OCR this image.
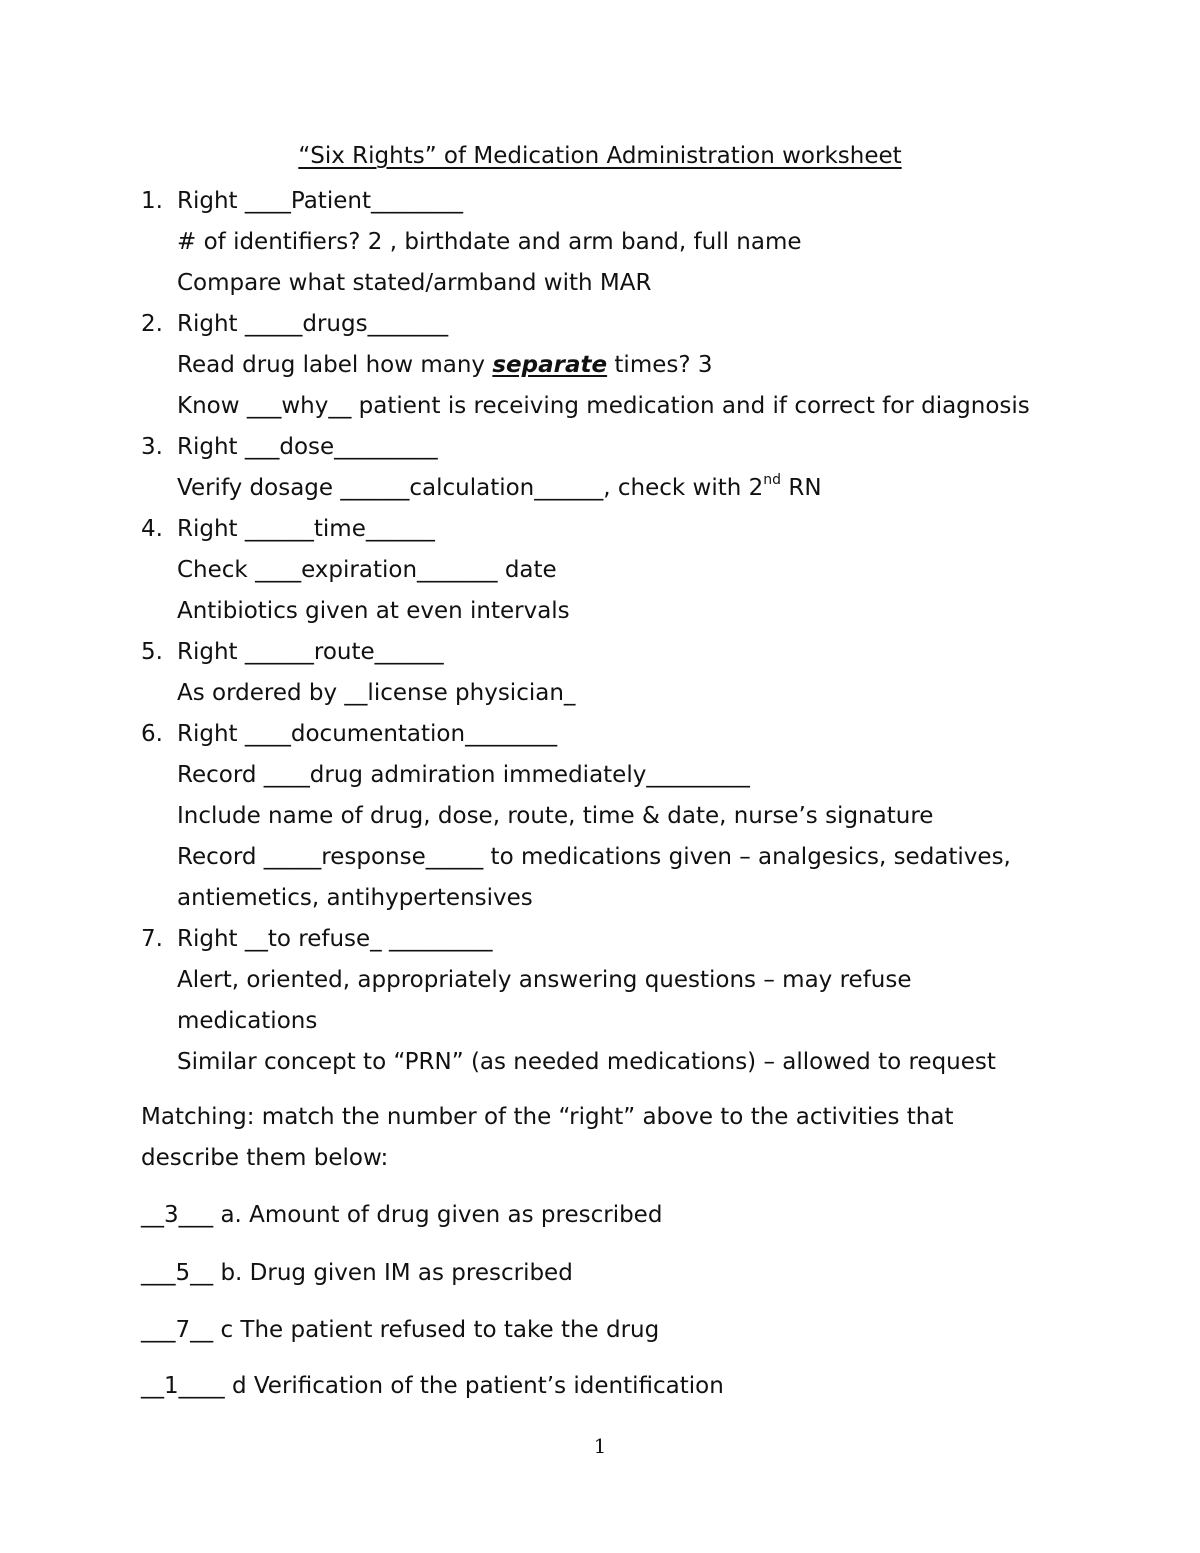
“Six Rights” of Medication Administration worksheet
1. Right ____Patient________
# of identifiers? 2 , birthdate and arm band, full name
Compare what stated/armband with MAR
2. Right _____drugs_______
Read drug label how many separate times? 3
Know ___why__ patient is receiving medication and if correct for diagnosis
3. Right ___dose_________
Verify dosage ______calculation______, check with 2nd RN
4. Right ______time______
Check ____expiration_______ date
Antibiotics given at even intervals
5. Right ______route______
As ordered by __license physician_
6. Right ____documentation________
Record ____drug admiration immediately_________
Include name of drug, dose, route, time & date, nurse’s signature
Record _____response_____ to medications given – analgesics, sedatives,
antiemetics, antihypertensives
7. Right __to refuse_ _________
Alert, oriented, appropriately answering questions – may refuse
medications
Similar concept to “PRN” (as needed medications) – allowed to request
Matching: match the number of the “right” above to the activities that
describe them below:
__3___ a. Amount of drug given as prescribed
___5__ b. Drug given IM as prescribed
___7__ c The patient refused to take the drug
__1____ d Verification of the patient’s identification
1
